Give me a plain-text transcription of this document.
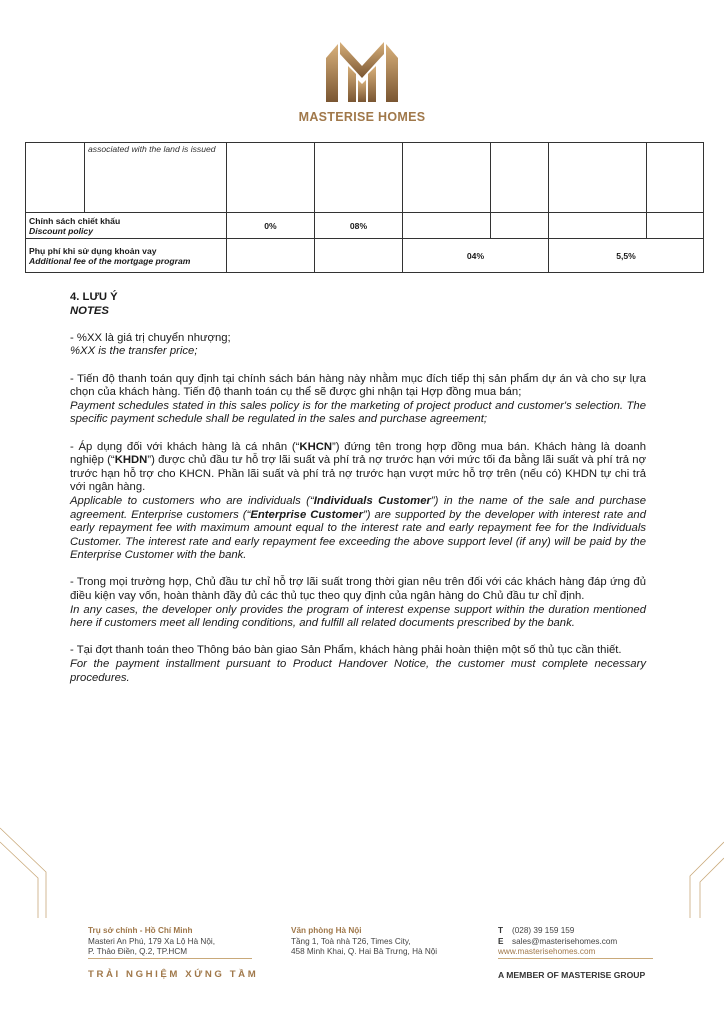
MASTERISE HOMES
	associated with the land is issued						

Chính sách chiết khấu
Discount policy		0%	08%				

Phụ phí khi sử dụng khoản vay
Additional fee of the mortgage program				04%		5,5%	

4. LƯU Ý

NOTES

- %XX là giá trị chuyển nhượng;

%XX is the transfer price;

- Tiến độ thanh toán quy định tại chính sách bán hàng này nhằm mục đích tiếp thị sản phẩm dự án và cho sự lựa chọn của khách hàng. Tiến độ thanh toán cụ thể sẽ được ghi nhận tại Hợp đồng mua bán;

Payment schedules stated in this sales policy is for the marketing of project product and customer's selection. The specific payment schedule shall be regulated in the sales and purchase agreement;

- Áp dụng đối với khách hàng là cá nhân (“KHCN”) đứng tên trong hợp đồng mua bán. Khách hàng là doanh nghiệp (“KHDN”) được chủ đầu tư hỗ trợ lãi suất và phí trả nợ trước hạn với mức tối đa bằng lãi suất và phí trả nợ trước hạn hỗ trợ cho KHCN. Phần lãi suất và phí trả nợ trước hạn vượt mức hỗ trợ trên (nếu có) KHDN tự chi trả với ngân hàng.

Applicable to customers who are individuals (“Individuals Customer”) in the name of the sale and purchase agreement. Enterprise customers (“Enterprise Customer”) are supported by the developer with interest rate and early repayment fee with maximum amount equal to the interest rate and early repayment fee for the Individuals Customer. The interest rate and early repayment fee exceeding the above support level (if any) will be paid by the Enterprise Customer with the bank.

- Trong mọi trường hợp, Chủ đầu tư chỉ hỗ trợ lãi suất trong thời gian nêu trên đối với các khách hàng đáp ứng đủ điều kiện vay vốn, hoàn thành đầy đủ các thủ tục theo quy định của ngân hàng do Chủ đầu tư chỉ định.

In any cases, the developer only provides the program of interest expense support within the duration mentioned here if customers meet all lending conditions, and fulfill all related documents prescribed by the bank.

- Tại đợt thanh toán theo Thông báo bàn giao Sản Phẩm, khách hàng phải hoàn thiện một số thủ tục cần thiết.

For the payment installment pursuant to Product Handover Notice, the customer must complete necessary procedures.

Trụ sở chính - Hồ Chí Minh
Masteri An Phú, 179 Xa Lộ Hà Nội,
P. Thảo Điền, Q.2, TP.HCM
Văn phòng Hà Nội
Tầng 1, Toà nhà T26, Times City,
458 Minh Khai, Q. Hai Bà Trưng, Hà Nội
T (028) 39 159 159
E sales@masterisehomes.com
www.masterisehomes.com
TRẢI NGHIỆM XỨNG TẦM	A MEMBER OF MASTERISE GROUP
